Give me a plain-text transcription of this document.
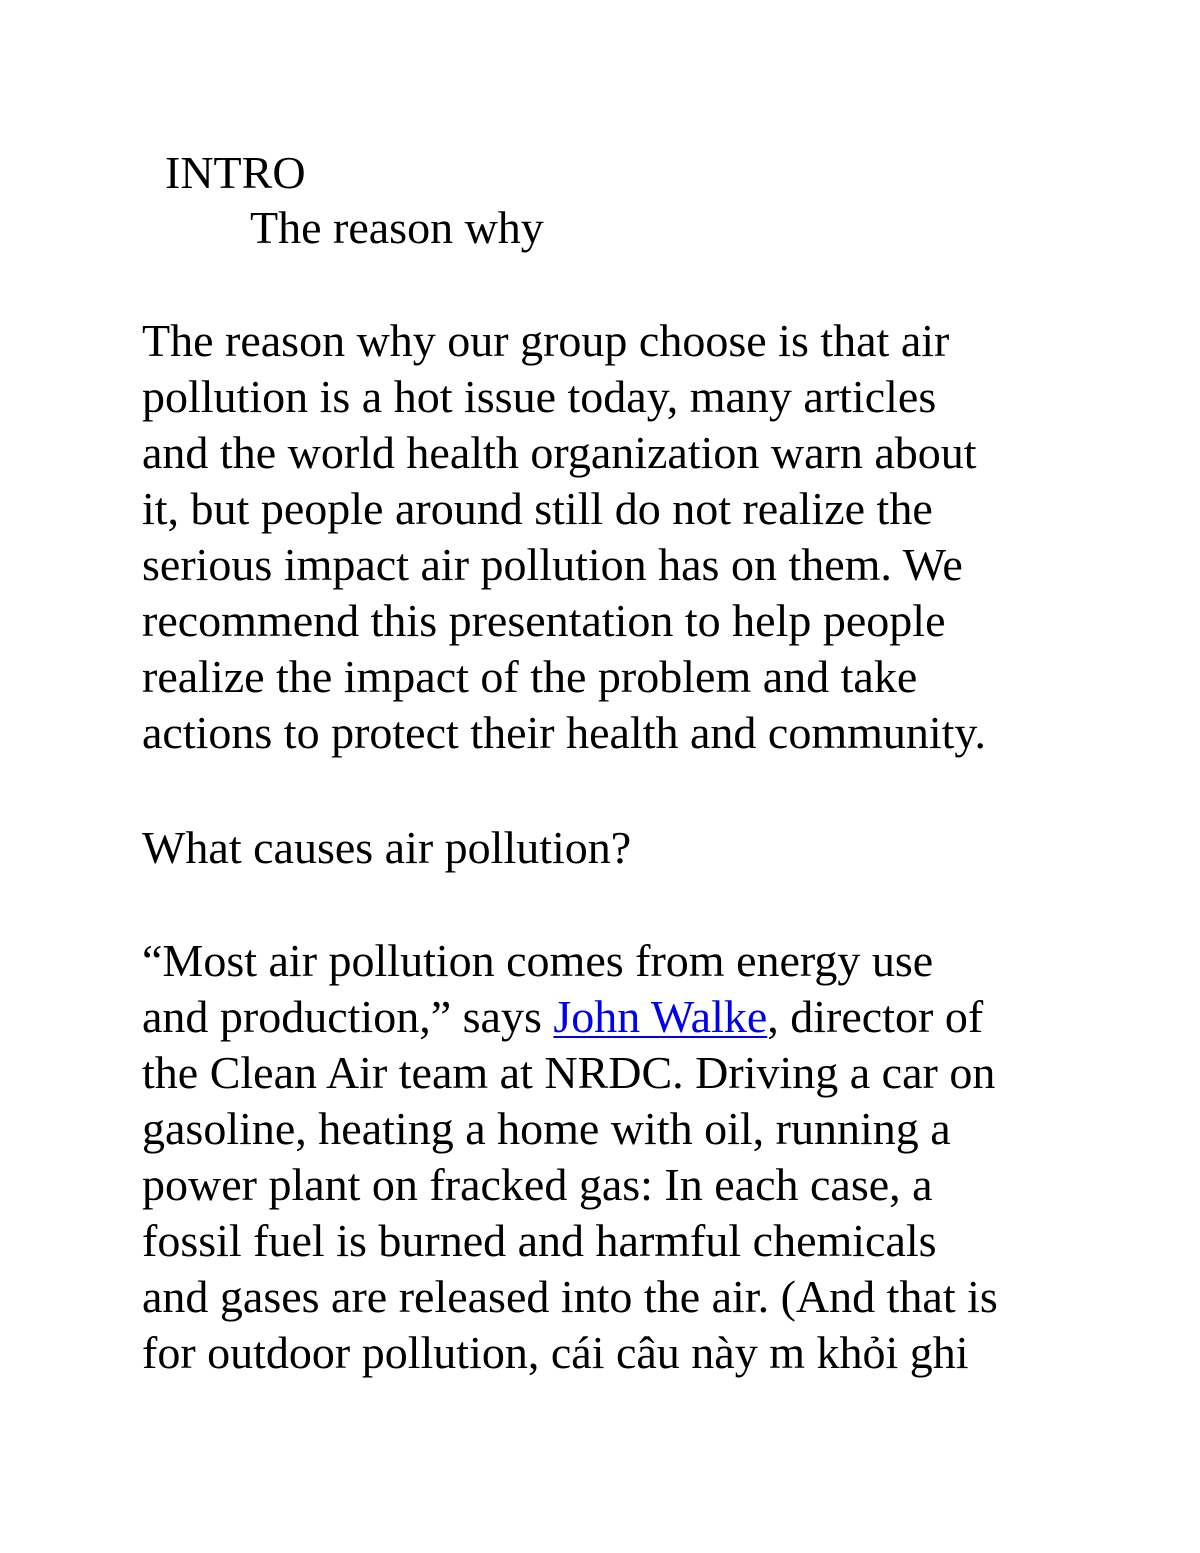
INTRO
The reason why
The reason why our group choose is that air
pollution is a hot issue today, many articles
and the world health organization warn about
it, but people around still do not realize the
serious impact air pollution has on them. We
recommend this presentation to help people
realize the impact of the problem and take
actions to protect their health and community.
What causes air pollution?
“Most air pollution comes from energy use
and production,” says John Walke, director of
the Clean Air team at NRDC. Driving a car on
gasoline, heating a home with oil, running a
power plant on fracked gas: In each case, a
fossil fuel is burned and harmful chemicals
and gases are released into the air. (And that is
for outdoor pollution, cái câu này m khỏi ghi
